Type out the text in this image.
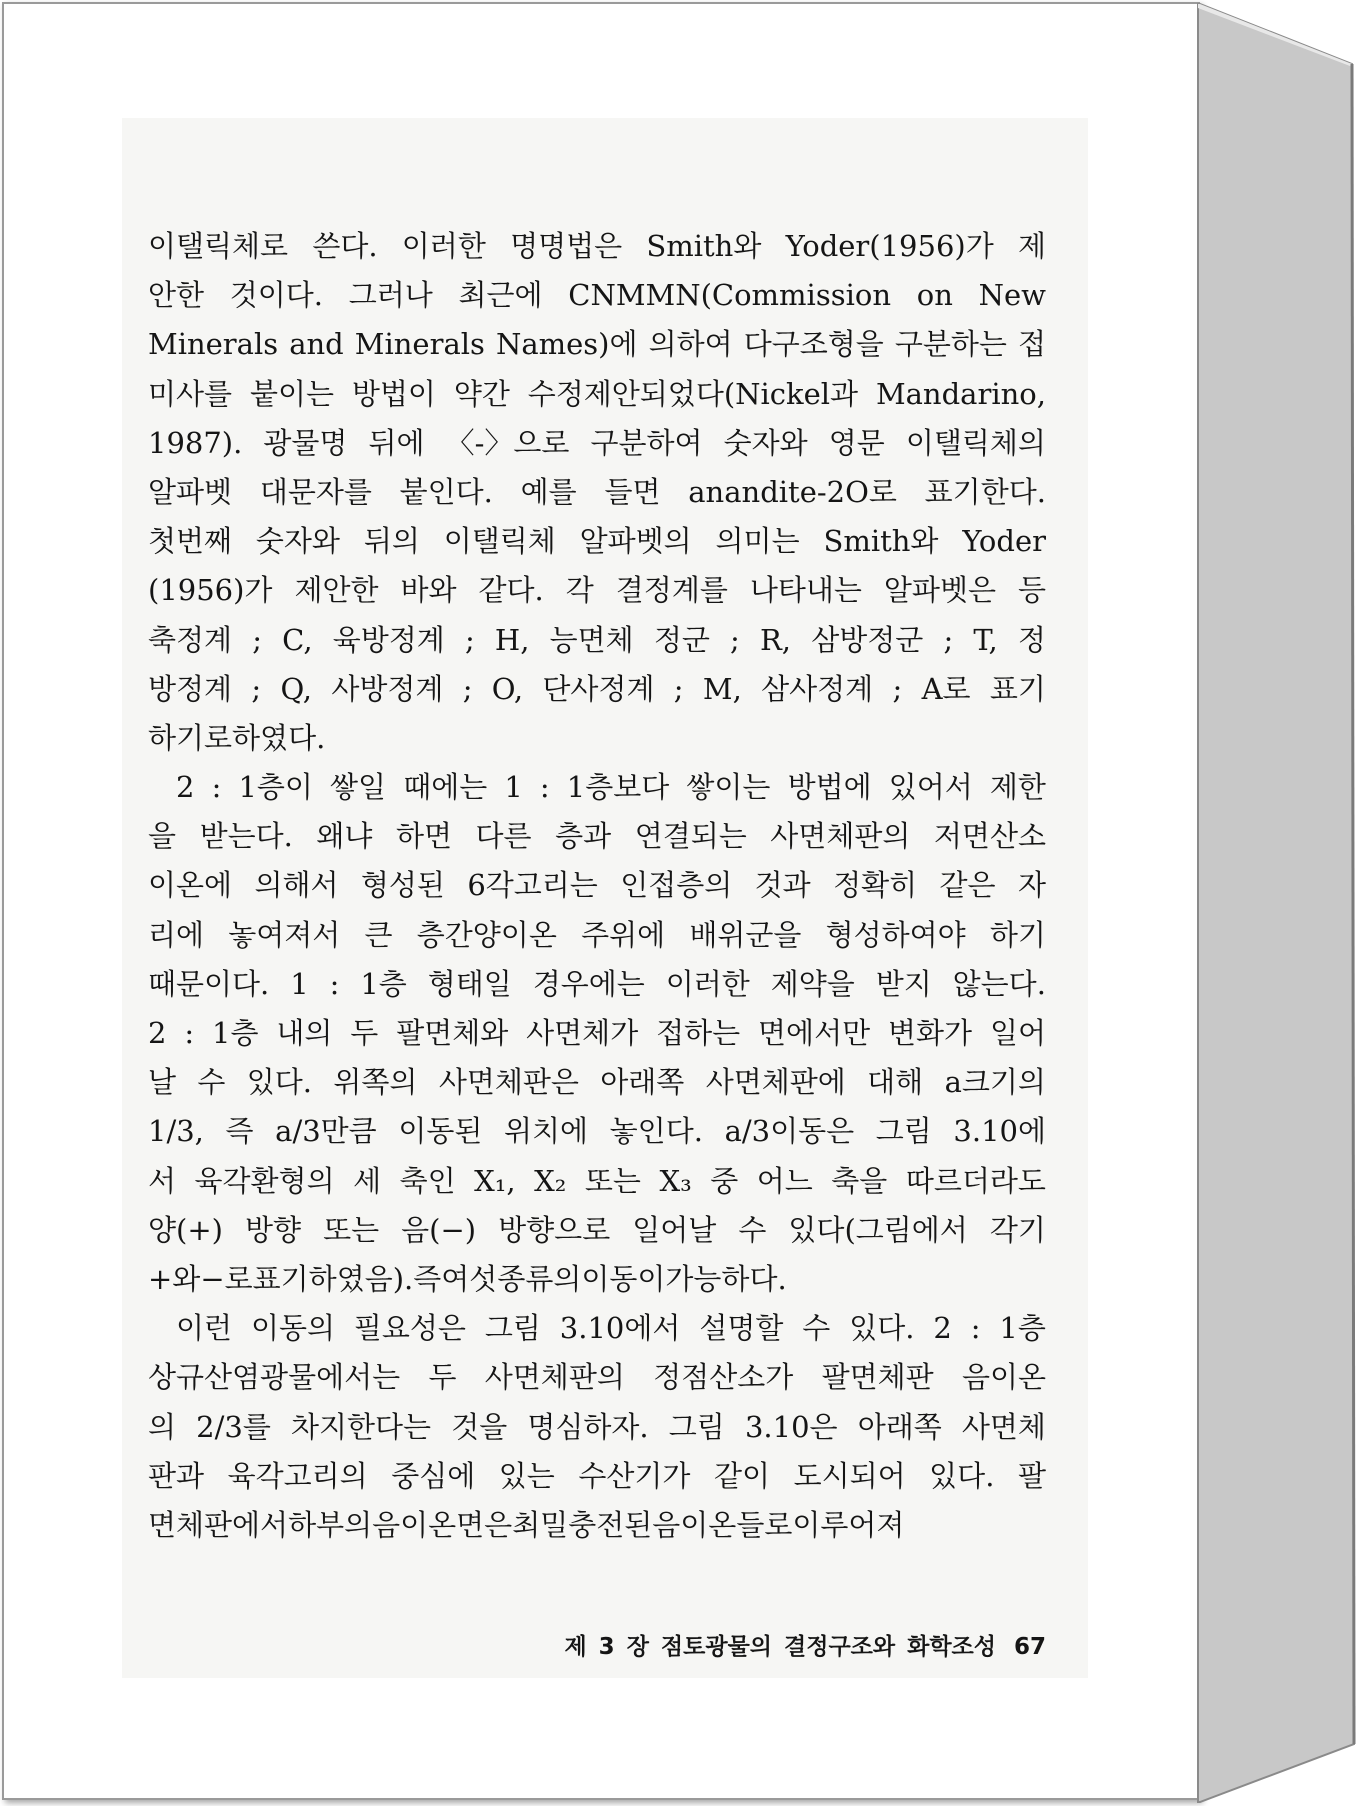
이탤릭체로 쓴다. 이러한 명명법은 Smith와 Yoder(1956)가 제
안한 것이다. 그러나 최근에 CNMMN(Commission on New
Minerals and Minerals Names)에 의하여 다구조형을 구분하는 접
미사를 붙이는 방법이 약간 수정제안되었다(Nickel과 Mandarino,
1987). 광물명 뒤에 〈-〉으로 구분하여 숫자와 영문 이탤릭체의
알파벳 대문자를 붙인다. 예를 들면 anandite-2O로 표기한다.
첫번째 숫자와 뒤의 이탤릭체 알파벳의 의미는 Smith와 Yoder
(1956)가 제안한 바와 같다. 각 결정계를 나타내는 알파벳은 등
축정계 ; C, 육방정계 ; H, 능면체 정군 ; R, 삼방정군 ; T, 정
방정계 ; Q, 사방정계 ; O, 단사정계 ; M, 삼사정계 ; A로 표기
하기로 하였다.
2 : 1층이 쌓일 때에는 1 : 1층보다 쌓이는 방법에 있어서 제한
을 받는다. 왜냐 하면 다른 층과 연결되는 사면체판의 저면산소
이온에 의해서 형성된 6각고리는 인접층의 것과 정확히 같은 자
리에 놓여져서 큰 층간양이온 주위에 배위군을 형성하여야 하기
때문이다. 1 : 1층 형태일 경우에는 이러한 제약을 받지 않는다.
2 : 1층 내의 두 팔면체와 사면체가 접하는 면에서만 변화가 일어
날 수 있다. 위쪽의 사면체판은 아래쪽 사면체판에 대해 a크기의
1/3, 즉 a/3만큼 이동된 위치에 놓인다. a/3이동은 그림 3.10에
서 육각환형의 세 축인 X₁, X₂ 또는 X₃ 중 어느 축을 따르더라도
양(+) 방향 또는 음(−) 방향으로 일어날 수 있다(그림에서 각기
+와 −로 표기하였음). 즉 여섯 종류의 이동이 가능하다.
이런 이동의 필요성은 그림 3.10에서 설명할 수 있다. 2 : 1층
상규산염광물에서는 두 사면체판의 정점산소가 팔면체판 음이온
의 2/3를 차지한다는 것을 명심하자. 그림 3.10은 아래쪽 사면체
판과 육각고리의 중심에 있는 수산기가 같이 도시되어 있다. 팔
면체판에서 하부의 음이온면은 최밀충전된 음이온들로 이루어져
제 3 장 점토광물의 결정구조와 화학조성 67
